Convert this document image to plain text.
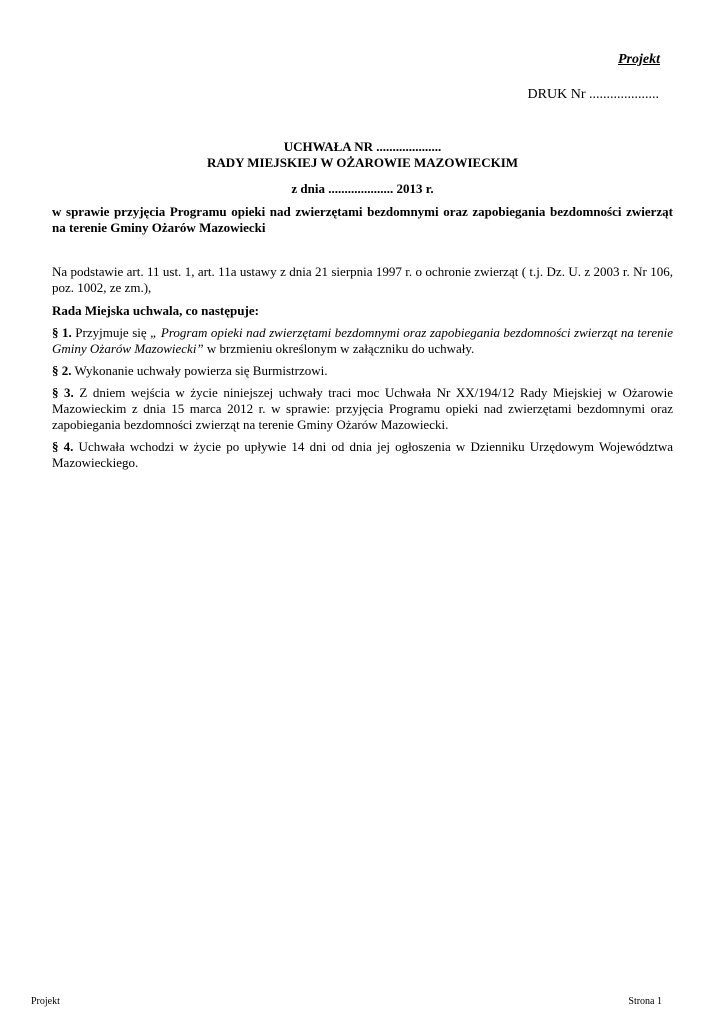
Projekt
DRUK Nr ....................
UCHWAŁA NR ....................
RADY MIEJSKIEJ W OŻAROWIE MAZOWIECKIM
z dnia .................... 2013 r.
w sprawie przyjęcia Programu opieki nad zwierzętami bezdomnymi oraz zapobiegania bezdomności zwierząt na terenie Gminy Ożarów Mazowiecki

Na podstawie art. 11 ust. 1, art. 11a ustawy z dnia 21 sierpnia 1997 r. o ochronie zwierząt ( t.j. Dz. U. z 2003 r. Nr 106, poz. 1002, ze zm.),

Rada Miejska uchwala, co następuje:

§ 1. Przyjmuje się „ Program opieki nad zwierzętami bezdomnymi oraz zapobiegania bezdomności zwierząt na terenie Gminy Ożarów Mazowiecki” w brzmieniu określonym w załączniku do uchwały.

§ 2. Wykonanie uchwały powierza się Burmistrzowi.

§ 3. Z dniem wejścia w życie niniejszej uchwały traci moc Uchwała Nr XX/194/12 Rady Miejskiej w Ożarowie Mazowieckim z dnia 15 marca 2012 r. w sprawie: przyjęcia Programu opieki nad zwierzętami bezdomnymi oraz zapobiegania bezdomności zwierząt na terenie Gminy Ożarów Mazowiecki.

§ 4. Uchwała wchodzi w życie po upływie 14 dni od dnia jej ogłoszenia w Dzienniku Urzędowym Województwa Mazowieckiego.

Projekt	Strona 1
